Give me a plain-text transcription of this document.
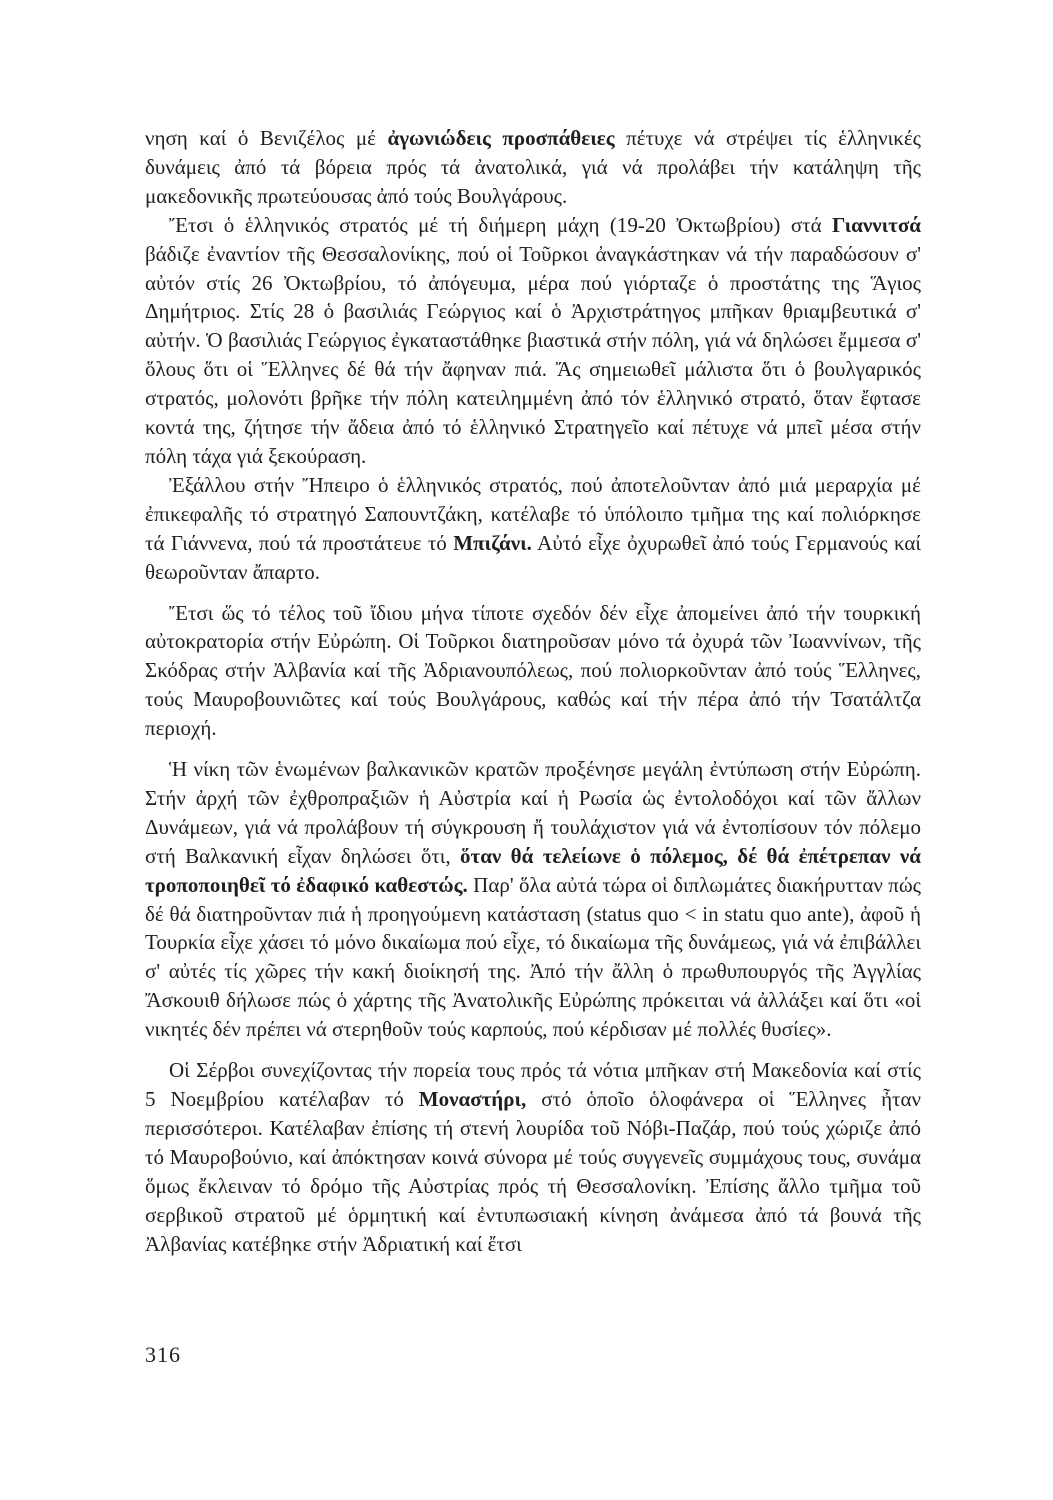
νηση καί ὁ Βενιζέλος μέ ἀγωνιώδεις προσπάθειες πέτυχε νά στρέψει τίς ἑλληνικές δυνάμεις ἀπό τά βόρεια πρός τά ἀνατολικά, γιά νά προλάβει τήν κατάληψη τῆς μακεδονικῆς πρωτεύουσας ἀπό τούς Βουλγάρους.

Ἔτσι ὁ ἑλληνικός στρατός μέ τή διήμερη μάχη (19-20 Ὀκτωβρίου) στά Γιαννιτσά βάδιζε ἐναντίον τῆς Θεσσαλονίκης, πού οἱ Τοῦρκοι ἀναγκάστηκαν νά τήν παραδώσουν σ' αὐτόν στίς 26 Ὀκτωβρίου, τό ἀπόγευμα, μέρα πού γιόρταζε ὁ προστάτης της Ἅγιος Δημήτριος. Στίς 28 ὁ βασιλιάς Γεώργιος καί ὁ Ἀρχιστράτηγος μπῆκαν θριαμβευτικά σ' αὐτήν. Ὁ βασιλιάς Γεώργιος ἐγκαταστάθηκε βιαστικά στήν πόλη, γιά νά δηλώσει ἔμμεσα σ' ὅλους ὅτι οἱ Ἕλληνες δέ θά τήν ἄφηναν πιά. Ἄς σημειωθεῖ μάλιστα ὅτι ὁ βουλγαρικός στρατός, μολονότι βρῆκε τήν πόλη κατειλημμένη ἀπό τόν ἑλληνικό στρατό, ὅταν ἔφτασε κοντά της, ζήτησε τήν ἄδεια ἀπό τό ἑλληνικό Στρατηγεῖο καί πέτυχε νά μπεῖ μέσα στήν πόλη τάχα γιά ξεκούραση.

Ἐξάλλου στήν Ἤπειρο ὁ ἑλληνικός στρατός, πού ἀποτελοῦνταν ἀπό μιά μεραρχία μέ ἐπικεφαλῆς τό στρατηγό Σαπουντζάκη, κατέλαβε τό ὑπόλοιπο τμῆμα της καί πολιόρκησε τά Γιάννενα, πού τά προστάτευε τό Μπιζάνι. Αὐτό εἶχε ὀχυρωθεῖ ἀπό τούς Γερμανούς καί θεωροῦνταν ἄπαρτο.

Ἔτσι ὥς τό τέλος τοῦ ἴδιου μήνα τίποτε σχεδόν δέν εἶχε ἀπομείνει ἀπό τήν τουρκική αὐτοκρατορία στήν Εὐρώπη. Οἱ Τοῦρκοι διατηροῦσαν μόνο τά ὀχυρά τῶν Ἰωαννίνων, τῆς Σκόδρας στήν Ἀλβανία καί τῆς Ἀδριανουπόλεως, πού πολιορκοῦνταν ἀπό τούς Ἕλληνες, τούς Μαυροβουνιῶτες καί τούς Βουλγάρους, καθώς καί τήν πέρα ἀπό τήν Τσατάλτζα περιοχή.

Ἡ νίκη τῶν ἑνωμένων βαλκανικῶν κρατῶν προξένησε μεγάλη ἐντύπωση στήν Εὐρώπη. Στήν ἀρχή τῶν ἐχθροπραξιῶν ἡ Αὐστρία καί ἡ Ρωσία ὡς ἐντολοδόχοι καί τῶν ἄλλων Δυνάμεων, γιά νά προλάβουν τή σύγκρουση ἤ τουλάχιστον γιά νά ἐντοπίσουν τόν πόλεμο στή Βαλκανική εἶχαν δηλώσει ὅτι, ὅταν θά τελείωνε ὁ πόλεμος, δέ θά ἐπέτρεπαν νά τροποποιηθεῖ τό ἐδαφικό καθεστώς. Παρ' ὅλα αὐτά τώρα οἱ διπλωμάτες διακήρυτταν πώς δέ θά διατηροῦνταν πιά ἡ προηγούμενη κατάσταση (status quo < in statu quo ante), ἀφοῦ ἡ Τουρκία εἶχε χάσει τό μόνο δικαίωμα πού εἶχε, τό δικαίωμα τῆς δυνάμεως, γιά νά ἐπιβάλλει σ' αὐτές τίς χῶρες τήν κακή διοίκησή της. Ἀπό τήν ἄλλη ὁ πρωθυπουργός τῆς Ἀγγλίας Ἄσκουιθ δήλωσε πώς ὁ χάρτης τῆς Ἀνατολικῆς Εὐρώπης πρόκειται νά ἀλλάξει καί ὅτι «οἱ νικητές δέν πρέπει νά στερηθοῦν τούς καρπούς, πού κέρδισαν μέ πολλές θυσίες».

Οἱ Σέρβοι συνεχίζοντας τήν πορεία τους πρός τά νότια μπῆκαν στή Μακεδονία καί στίς 5 Νοεμβρίου κατέλαβαν τό Μοναστήρι, στό ὁποῖο ὁλοφάνερα οἱ Ἕλληνες ἦταν περισσότεροι. Κατέλαβαν ἐπίσης τή στενή λουρίδα τοῦ Νόβι-Παζάρ, πού τούς χώριζε ἀπό τό Μαυροβούνιο, καί ἀπόκτησαν κοινά σύνορα μέ τούς συγγενεῖς συμμάχους τους, συνάμα ὅμως ἔκλειναν τό δρόμο τῆς Αὐστρίας πρός τή Θεσσαλονίκη. Ἐπίσης ἄλλο τμῆμα τοῦ σερβικοῦ στρατοῦ μέ ὁρμητική καί ἐντυπωσιακή κίνηση ἀνάμεσα ἀπό τά βουνά τῆς Ἀλβανίας κατέβηκε στήν Ἀδριατική καί ἔτσι

316
